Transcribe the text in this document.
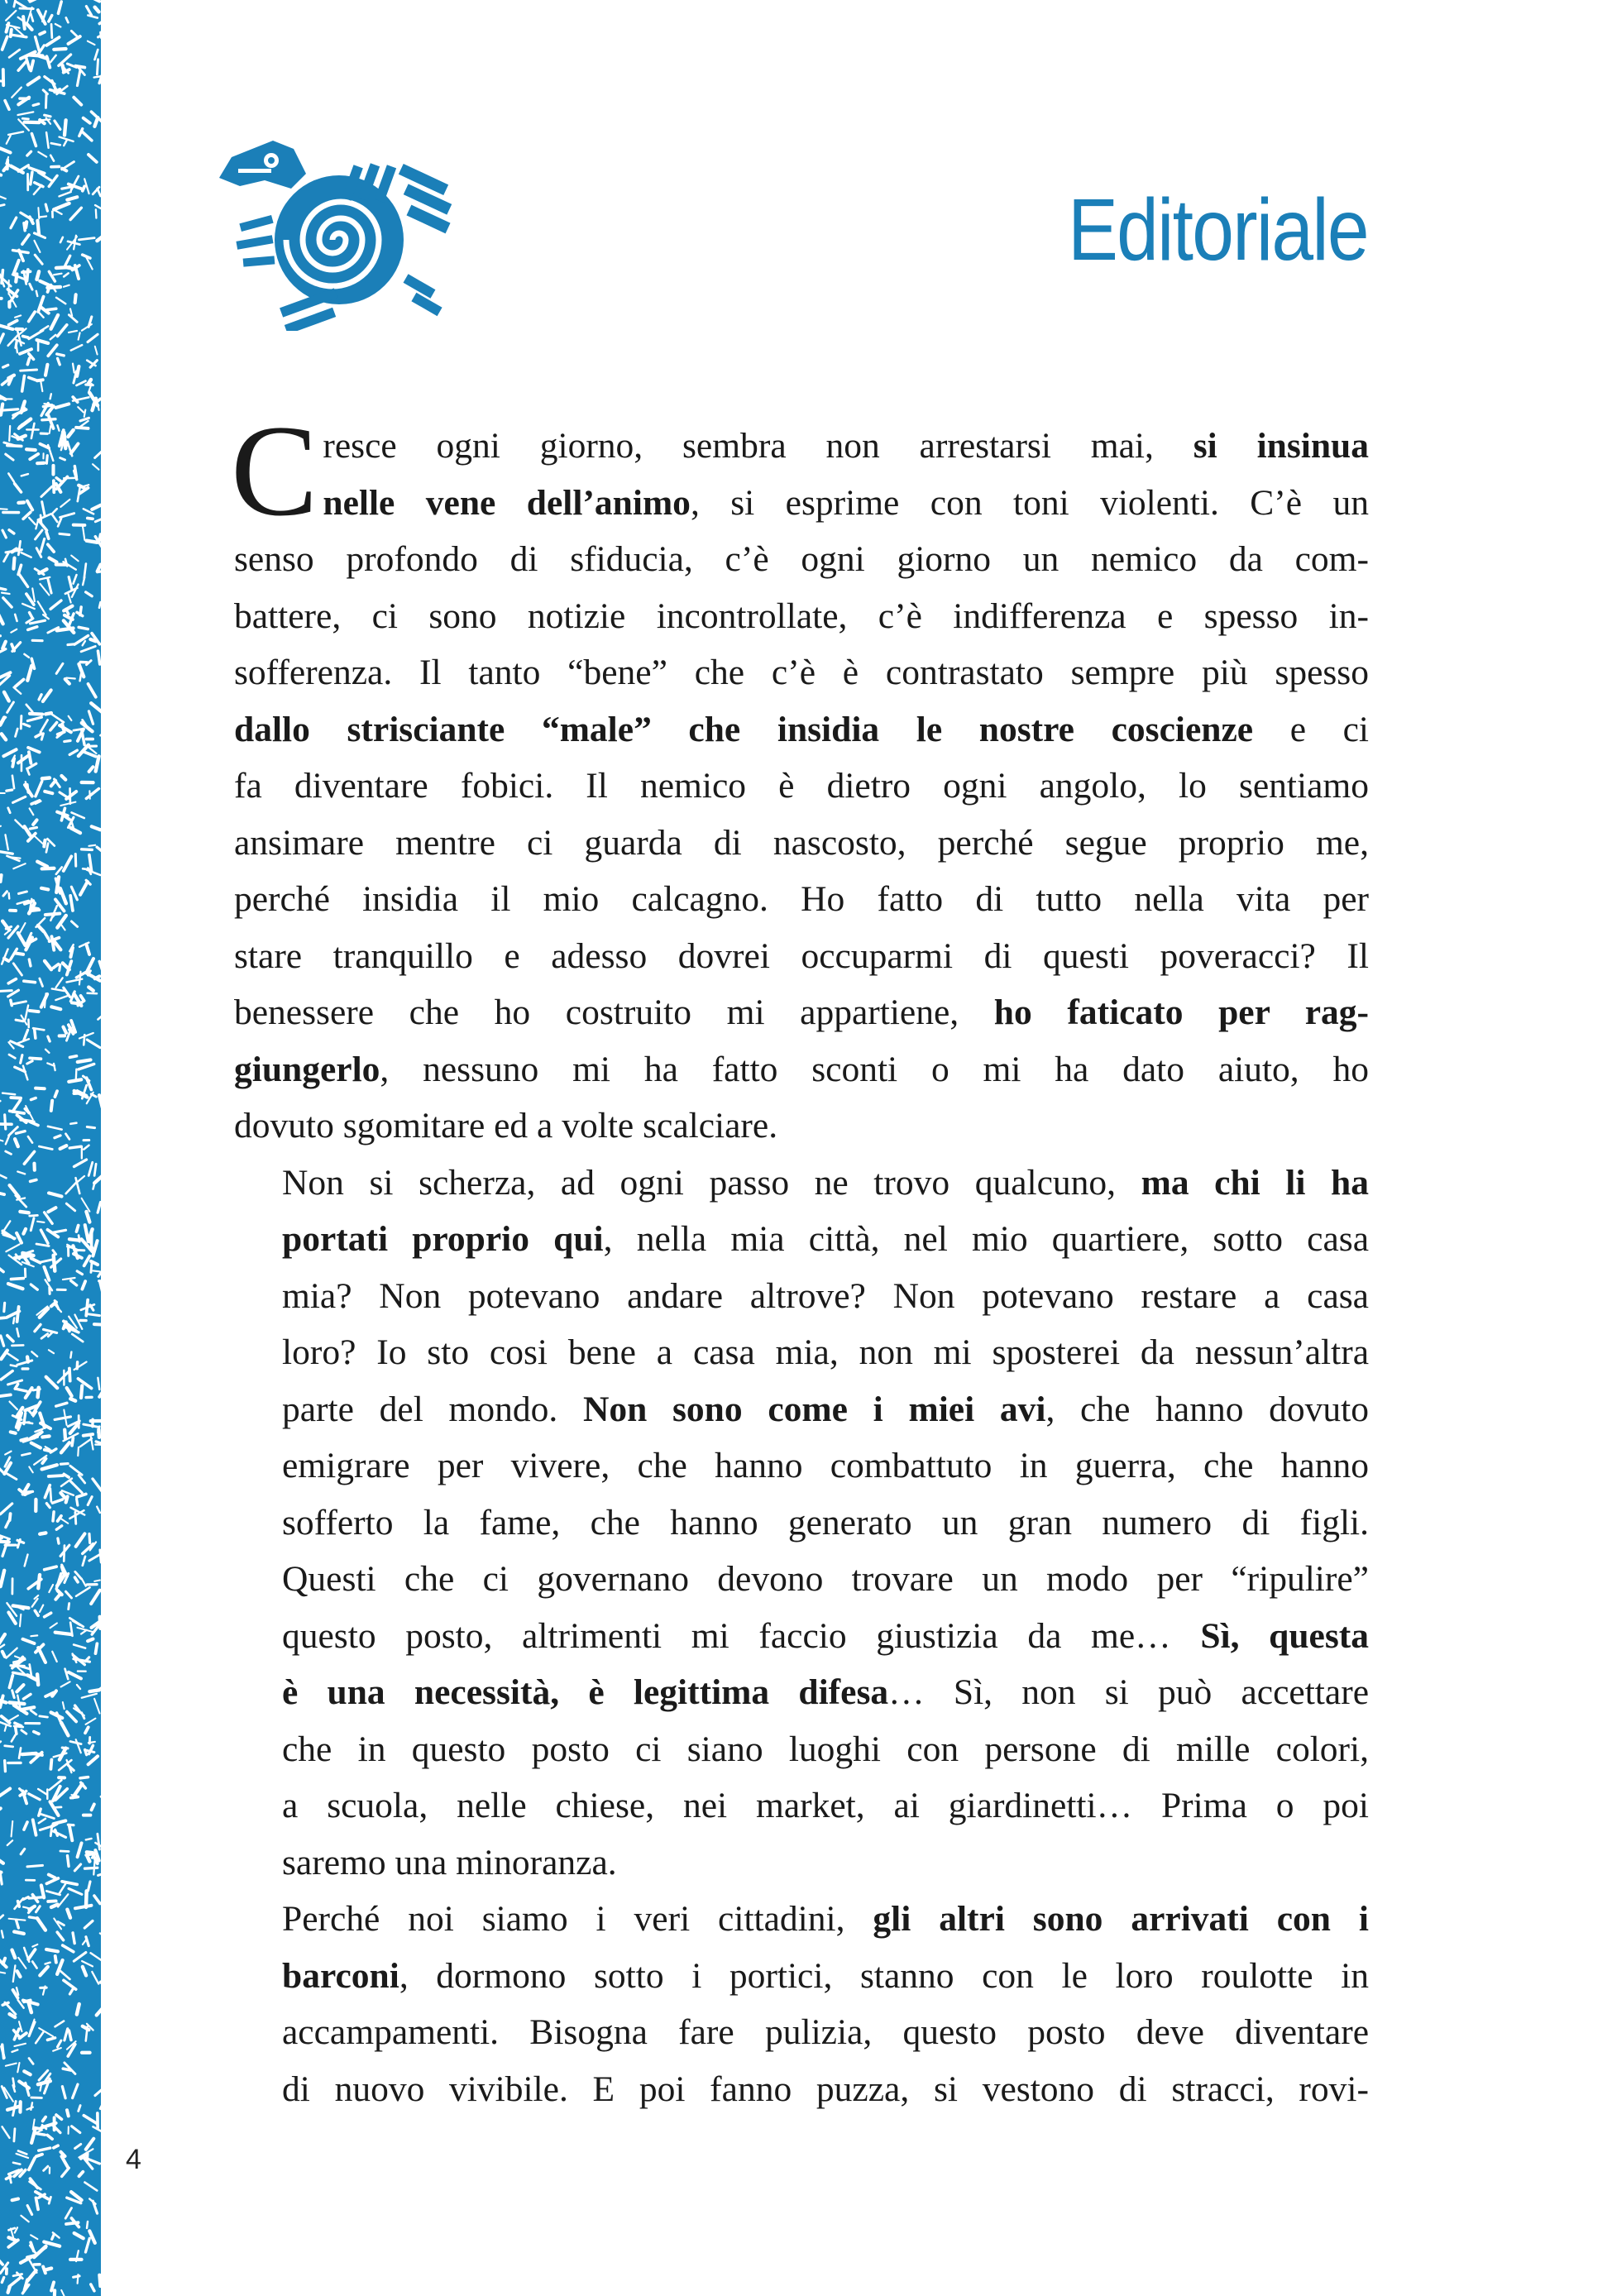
Editoriale

C resce ogni giorno, sembra non arrestarsi mai, si insinua
nelle vene dell’animo, si esprime con toni violenti. C’è un
senso profondo di sfiducia, c’è ogni giorno un nemico da com-
battere, ci sono notizie incontrollate, c’è indifferenza e spesso in-
sofferenza. Il tanto “bene” che c’è è contrastato sempre più spesso
dallo strisciante “male” che insidia le nostre coscienze e ci
fa diventare fobici. Il nemico è dietro ogni angolo, lo sentiamo
ansimare mentre ci guarda di nascosto, perché segue proprio me,
perché insidia il mio calcagno. Ho fatto di tutto nella vita per
stare tranquillo e adesso dovrei occuparmi di questi poveracci? Il
benessere che ho costruito mi appartiene, ho faticato per rag-
giungerlo, nessuno mi ha fatto sconti o mi ha dato aiuto, ho
dovuto sgomitare ed a volte scalciare.

Non si scherza, ad ogni passo ne trovo qualcuno, ma chi li ha
portati proprio qui, nella mia città, nel mio quartiere, sotto casa
mia? Non potevano andare altrove? Non potevano restare a casa
loro? Io sto cosi bene a casa mia, non mi sposterei da nessun’altra
parte del mondo. Non sono come i miei avi, che hanno dovuto
emigrare per vivere, che hanno combattuto in guerra, che hanno
sofferto la fame, che hanno generato un gran numero di figli.
Questi che ci governano devono trovare un modo per “ripulire”
questo posto, altrimenti mi faccio giustizia da me… Sì, questa
è una necessità, è legittima difesa… Sì, non si può accettare
che in questo posto ci siano luoghi con persone di mille colori,
a scuola, nelle chiese, nei market, ai giardinetti… Prima o poi
saremo una minoranza.

Perché noi siamo i veri cittadini, gli altri sono arrivati con i
barconi, dormono sotto i portici, stanno con le loro roulotte in
accampamenti. Bisogna fare pulizia, questo posto deve diventare
di nuovo vivibile. E poi fanno puzza, si vestono di stracci, rovi-

4
